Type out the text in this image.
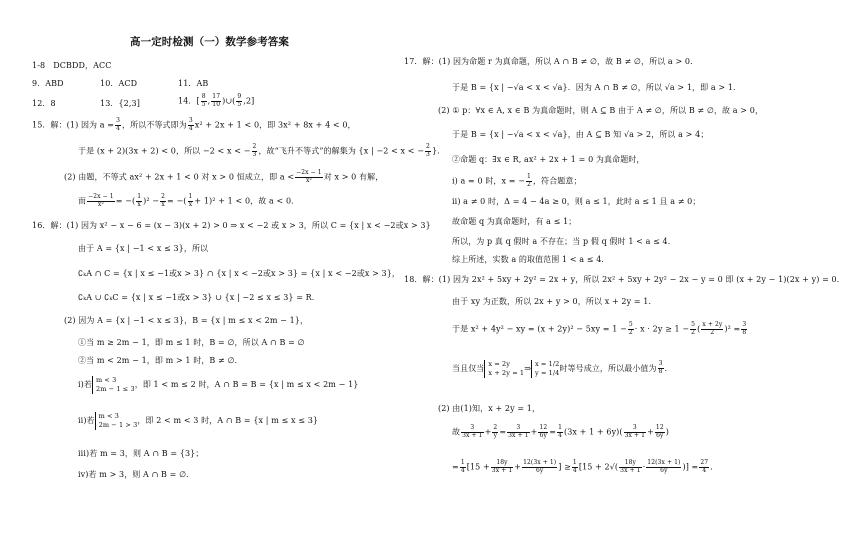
高一定时检测（一）数学参考答案
1-8　DCBDD，ACC
9．ABD	10．ACD	11．AB
12．8	13．{2,3]	14．[ $\frac{8}{5}$ , $\frac{17}{10}$ )∪( $\frac{9}{5} ,2$]
15．解：(1) 因为 $a = \frac{3}{4}$ ，所以不等式即为 $\frac{3}{4} x^2 + 2x + 1 < 0$，即 3x² + 8x + 4 < 0，
于是 (x + 2)(3x + 2) < 0，所以 −2 < x < − $\frac{2}{3}$ ，故“飞升不等式”的解集为 {x | −2 < x < − $\frac{2}{3}$ }.
(2) 由题，不等式 ax² + 2x + 1 < 0 对 x > 0 恒成立，即 $a < \frac{-2x - 1}{\text{x²}}$ 对 x > 0 有解，
而 $\frac{-2x - 1}{\text{x²}}$ = −( $\frac{1}{x} )^2 - \frac{2}{x}$ = −( $\frac{1}{x} + 1)^2 + 1 < 0$，故 a < 0．
16．解：(1) 因为 x² − x − 6 = (x − 3)(x + 2) > 0 ⇒ x < −2 或 x > 3，所以 C = {x | x < −2或x > 3}
由于 A = {x | −1 < x ≤ 3}，所以
∁ₖA ∩ C = {x | x ≤ −1或x > 3} ∩ {x | x < −2或x > 3} = {x | x < −2或x > 3}，
∁ₖA ∪ ∁ₖC = {x | x ≤ −1或x > 3} ∪ {x | −2 ≤ x ≤ 3} = R．
(2) 因为 A = {x | −1 < x ≤ 3}，B = {x | m ≤ x < 2m − 1}，
①当 m ≥ 2m − 1，即 m ≤ 1 时，B = ∅，所以 A ∩ B = ∅
②当 m < 2m − 1，即 m > 1 时，B ≠ ∅．
i)若 m < 3
2m − 1 ≤ 3 ，即 1 < m ≤ 2 时，A ∩ B = B = {x | m ≤ x < 2m − 1}
ii)若 m < 3
2m − 1 > 3 ，即 2 < m < 3 时，A ∩ B = {x | m ≤ x ≤ 3}
iii)若 m = 3，则 A ∩ B = {3}；
iv)若 m > 3，则 A ∩ B = ∅．
17．解：(1) 因为命题 r 为真命题，所以 A ∩ B ≠ ∅，故 B ≠ ∅，所以 a > 0．
于是 B = {x | −√a < x < √a}．因为 A ∩ B ≠ ∅，所以 √a > 1，即 a > 1．
(2) ① p：∀x ∈ A, x ∈ B 为真命题时，则 A ⊆ B 由于 A ≠ ∅，所以 B ≠ ∅，故 a > 0，
于是 B = {x | −√a < x < √a}，由 A ⊆ B 知 √a > 2，所以 a > 4；
②命题 q：∃x ∈ R, ax² + 2x + 1 = 0 为真命题时，
i) a = 0 时，x = − $\frac{1}{2}$ ，符合题意；
ii) a ≠ 0 时，Δ = 4 − 4a ≥ 0，则 a ≤ 1，此时 a ≤ 1 且 a ≠ 0；
故命题 q 为真命题时，有 a ≤ 1；
所以，为 p 真 q 假时 a 不存在；当 p 假 q 假时 1 < a ≤ 4．
综上所述，实数 a 的取值范围 1 < a ≤ 4．
18．解：(1) 因为 2x² + 5xy + 2y² = 2x + y，所以 2x² + 5xy + 2y² − 2x − y = 0 即 (x + 2y − 1)(2x + y) = 0．
由于 xy 为正数，所以 2x + y > 0，所以 x + 2y = 1．
于是 x² + 4y² − xy = $(x + 2y)^2 - 5xy = 1 - \frac{5}{2} \cdot x \cdot 2y \ge 1 - \frac{5}{2}$ ( $\frac{x + 2y}{2} )^2 = \frac{3}{8}$
当且仅当 x = 2y
x + 2y = 1 ⇒ x = 1/2
y = 1/4 时等号成立，所以最小值为 $\frac{3}{8}$ ．
(2) 由(1)知，x + 2y = 1，
故 $\frac{3}{3x + 1} + \frac{2}{y} = \frac{3}{3x + 1} + \frac{12}{6y} = \frac{1}{4} (3x + 1 + 6y)( \frac{3}{3x + 1} + \frac{12}{6y}$ )
= $\frac{1}{4} [15 + \frac{18y}{3x + 1} + \frac{12(3x + 1)}{6y}$ ] ≥ $\frac{1}{4} [15 + 2√( \frac{18y}{3x + 1} \cdot \frac{12(3x + 1)}{6y}$ )] = $\frac{27}{4}$ ．
